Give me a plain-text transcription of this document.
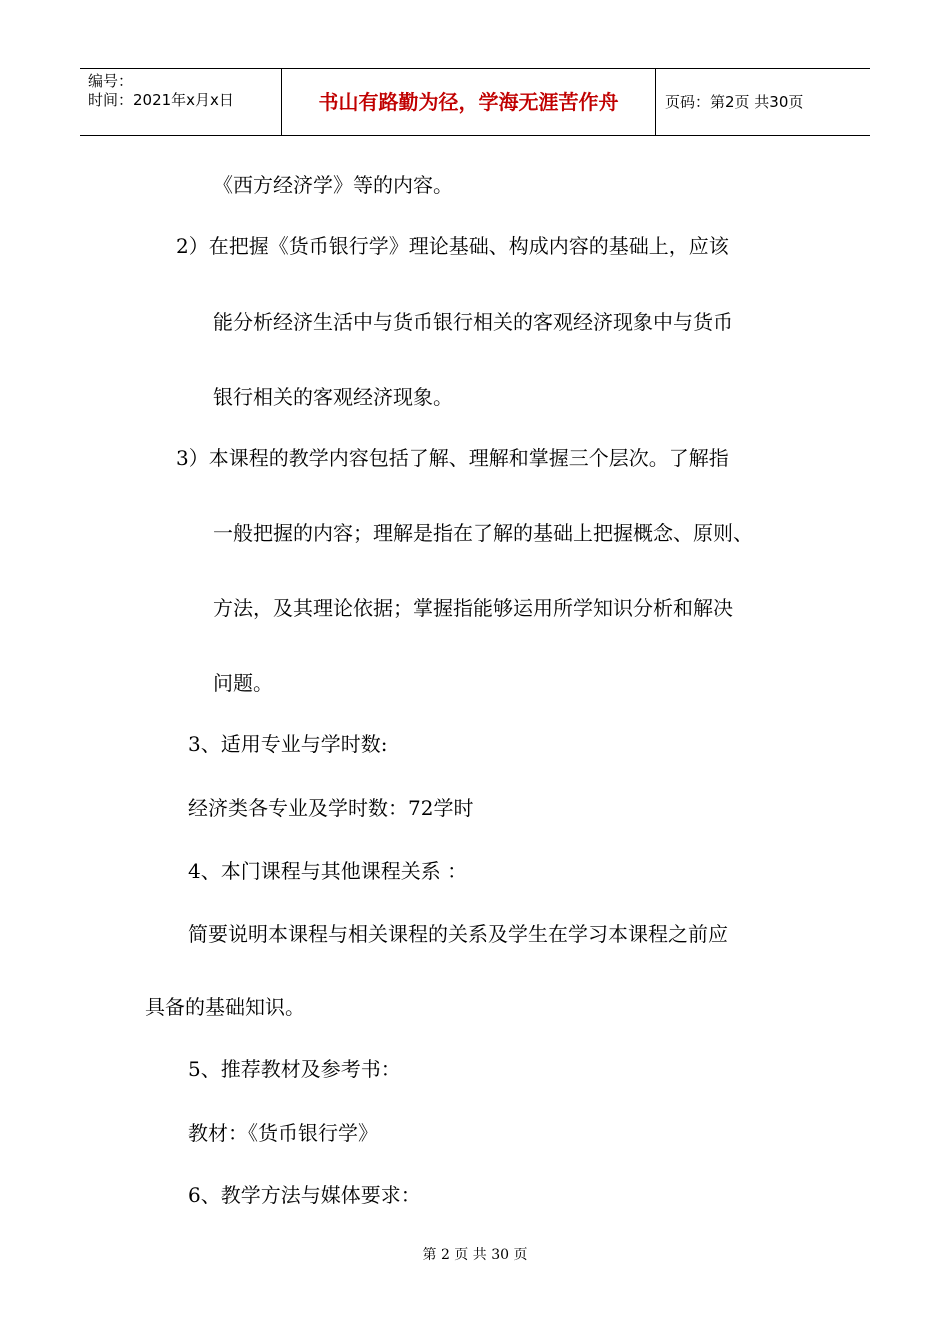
编号：
时间：2021年x月x日	书山有路勤为径，学海无涯苦作舟	页码：第2页 共30页
《西方经济学》等的内容。
2）在把握《货币银行学》理论基础、构成内容的基础上，应该
能分析经济生活中与货币银行相关的客观经济现象中与货币
银行相关的客观经济现象。
3）本课程的教学内容包括了解、理解和掌握三个层次。了解指
一般把握的内容；理解是指在了解的基础上把握概念、原则、
方法，及其理论依据；掌握指能够运用所学知识分析和解决
问题。
3、适用专业与学时数:
经济类各专业及学时数：72学时
4、本门课程与其他课程关系 ：
简要说明本课程与相关课程的关系及学生在学习本课程之前应
具备的基础知识。
5、推荐教材及参考书：
教材：《货币银行学》
6、教学方法与媒体要求：
第 2 页 共 30 页
